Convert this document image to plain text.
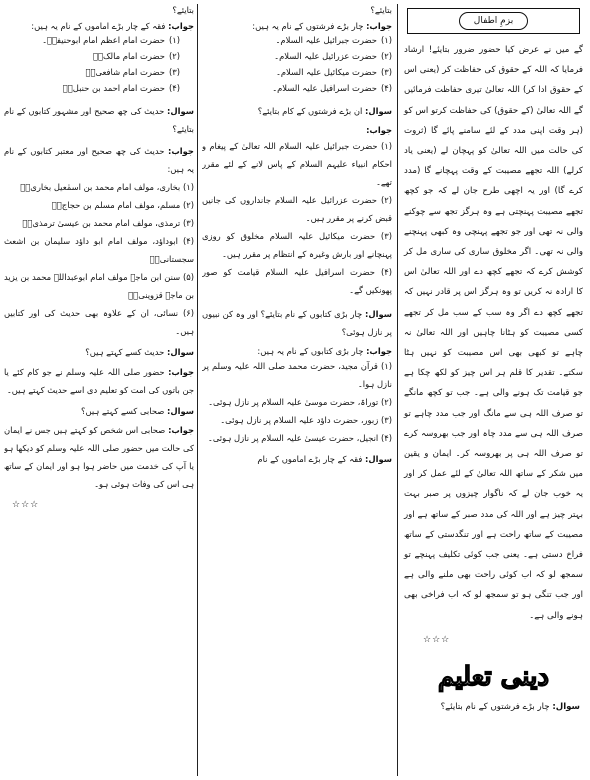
بزمِ اطفال

گے میں نے عرض کیا حضور ضرور بتایئے! ارشاد فرمایا کہ اللہ کے حقوق کی حفاظت کر (یعنی اس کے حقوق ادا کر) اللہ تعالیٰ تیری حفاظت فرمائیں گے اللہ تعالیٰ (کے حقوق) کی حفاظت کرتو اس کو (ہر وقت اپنی مدد کے لئے سامنے پائے گا (ثروت کی حالت میں اللہ تعالیٰ کو پہچان لے (یعنی یاد کرلے) اللہ تجھے مصیبت کے وقت پہچانے گا (مدد کرے گا) اور یہ اچھی طرح جان لے کہ جو کچھ تجھے مصیبت پہنچتی ہے وہ ہرگز تجھ سے چوکنے والی نہ تھی اور جو تجھے پہنچی وہ کبھی پہنچنے والی نہ تھی۔ اگر مخلوق ساری کی ساری مل کر کوشش کرے کہ تجھے کچھ دے اور اللہ تعالیٰ اس کا ارادہ نہ کریں تو وہ ہرگز اس پر قادر نہیں کہ تجھے کچھ دے اگر وہ سب کے سب مل کر تجھے کسی مصیبت کو ہٹانا چاہیں اور اللہ تعالیٰ نہ چاہے تو کبھی بھی اس مصیبت کو نہیں ہٹا سکتے۔ تقدیر کا قلم ہر اس چیز کو لکھ چکا ہے جو قیامت تک ہونے والی ہے۔ جب تو کچھ مانگے تو صرف اللہ ہی سے مانگ اور جب مدد چاہے تو صرف اللہ ہی سے مدد چاہ اور جب بھروسہ کرے تو صرف اللہ ہی پر بھروسہ کر۔ ایمان و یقین میں شکر کے ساتھ اللہ تعالیٰ کے لئے عمل کر اور یہ خوب جان لے کہ ناگوار چیزوں پر صبر بہت بہتر چیز ہے اور اللہ کی مدد صبر کے ساتھ ہے اور مصیبت کے ساتھ راحت ہے اور تنگدستی کے ساتھ فراخ دستی ہے۔ یعنی جب کوئی تکلیف پہنچے تو سمجھ لو کہ اب کوئی راحت بھی ملنے والی ہے اور جب تنگی ہو تو سمجھ لو کہ اب فراخی بھی ہونے والی ہے۔

☆☆☆
دینی تعلیم
سوال: چار بڑے فرشتوں کے نام بتایئے؟
بتایئے؟
جواب: چار بڑے فرشتوں کے نام یہ ہیں:
(۱)
حضرت جبرائیل علیہ السلام۔
(۲)
حضرت عزرائیل علیہ السلام۔
(۳)
حضرت میکائیل علیہ السلام۔
(۴)
حضرت اسرافیل علیہ السلام۔
سوال: ان بڑے فرشتوں کے کام بتایئے؟
جواب:
(۱) حضرت جبرائیل علیہ السلام اللہ تعالیٰ کے پیغام و احکام انبیاء علیہم السلام کے پاس لانے کے لئے مقرر تھے۔
(۲) حضرت عزرائیل علیہ السلام جانداروں کی جانیں قبض کرنے پر مقرر ہیں۔
(۳) حضرت میکائیل علیہ السلام مخلوق کو روزی پہنچانے اور بارش وغیرہ کے انتظام پر مقرر ہیں۔
(۴) حضرت اسرافیل علیہ السلام قیامت کو صور پھونکیں گے۔
سوال: چار بڑی کتابوں کے نام بتایئے؟ اور وہ کن نبیوں پر نازل ہوئی؟
جواب: چار بڑی کتابوں کے نام یہ ہیں:
(۱) قرآن مجید، حضرت محمد صلی اللہ علیہ وسلم پر نازل ہوا۔
(۲) توراۃ، حضرت موسیٰ علیہ السلام پر نازل ہوئی۔
(۳) زبور، حضرت داؤد علیہ السلام پر نازل ہوئی۔
(۴) انجیل، حضرت عیسیٰ علیہ السلام پر نازل ہوئی۔
سوال: فقہ کے چار بڑے اماموں کے نام
بتایئے؟
جواب: فقہ کے چار بڑے اماموں کے نام یہ ہیں:
(۱)
حضرت امام اعظم امام ابوحنیفہؒ۔
(۲)
حضرت امام مالکؒ۔
(۳)
حضرت امام شافعیؒ۔
(۴)
حضرت امام احمد بن حنبلؒ۔
سوال: حدیث کی چھ صحیح اور مشہور کتابوں کے نام بتایئے؟
جواب: حدیث کی چھ صحیح اور معتبر کتابوں کے نام یہ ہیں:
(۱) بخاری، مولف امام محمد بن اسمٰعیل بخاریؒ۔
(۲) مسلم، مولف امام مسلم بن حجاجؒ۔
(۳) ترمذی، مولف امام محمد بن عیسیٰ ترمذیؒ۔
(۴) ابوداؤد، مولف امام ابو داؤد سلیمان بن اشعث سجستانیؒ۔
(۵) سنن ابن ماجہ مولف امام ابوعبداللہ محمد بن یزید بن ماجہ قزوینیؒ۔
(۶) نسائی، ان کے علاوہ بھی حدیث کی اور کتابیں ہیں۔
سوال: حدیث کسے کہتے ہیں؟
جواب: حضور صلی اللہ علیہ وسلم نے جو کام کئے یا جن باتوں کی امت کو تعلیم دی اسے حدیث کہتے ہیں۔
سوال: صحابی کسے کہتے ہیں؟
جواب: صحابی اس شخص کو کہتے ہیں جس نے ایمان کی حالت میں حضور صلی اللہ علیہ وسلم کو دیکھا ہو یا آپ کی خدمت میں حاضر ہوا ہو اور ایمان کے ساتھ ہی اس کی وفات ہوئی ہو۔
☆☆☆
